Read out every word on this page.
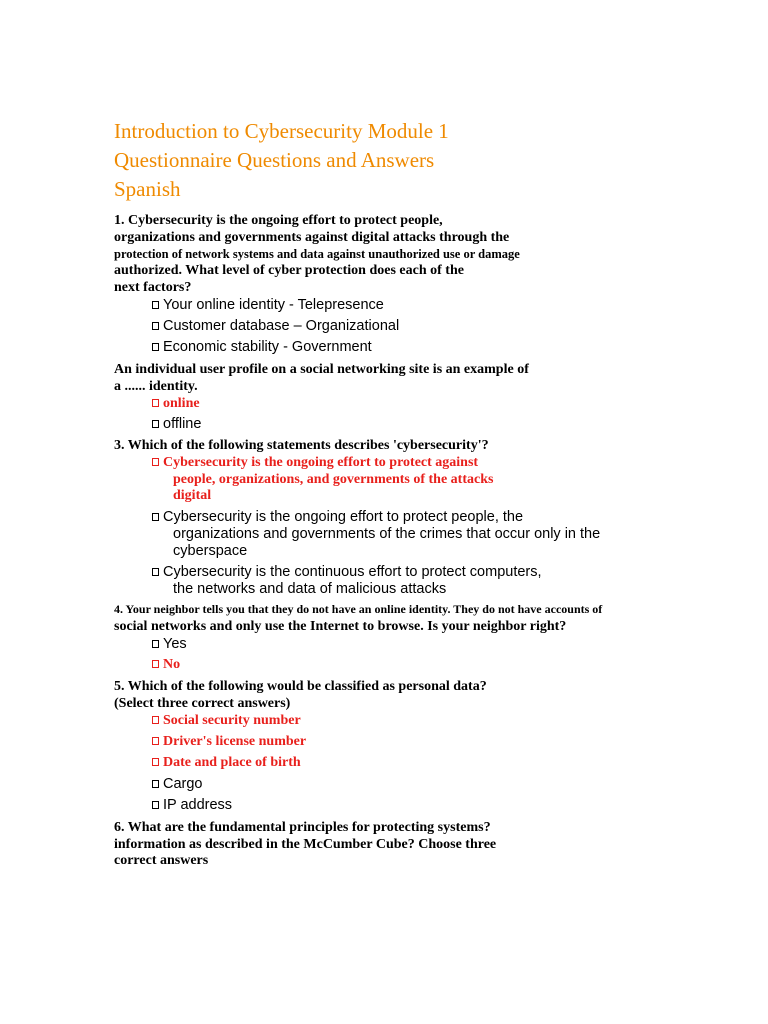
Introduction to Cybersecurity Module 1
Questionnaire Questions and Answers
Spanish
1. Cybersecurity is the ongoing effort to protect people,
organizations and governments against digital attacks through the
protection of network systems and data against unauthorized use or damage
authorized. What level of cyber protection does each of the
next factors?
Your online identity - Telepresence
Customer database – Organizational
Economic stability - Government
An individual user profile on a social networking site is an example of
a ...... identity.
online
offline
3. Which of the following statements describes 'cybersecurity'?
Cybersecurity is the ongoing effort to protect against
people, organizations, and governments of the attacks
digital
Cybersecurity is the ongoing effort to protect people, the
organizations and governments of the crimes that occur only in the
cyberspace
Cybersecurity is the continuous effort to protect computers,
the networks and data of malicious attacks
4. Your neighbor tells you that they do not have an online identity. They do not have accounts of
social networks and only use the Internet to browse. Is your neighbor right?
Yes
No
5. Which of the following would be classified as personal data?
(Select three correct answers)
Social security number
Driver's license number
Date and place of birth
Cargo
IP address
6. What are the fundamental principles for protecting systems?
information as described in the McCumber Cube? Choose three
correct answers
